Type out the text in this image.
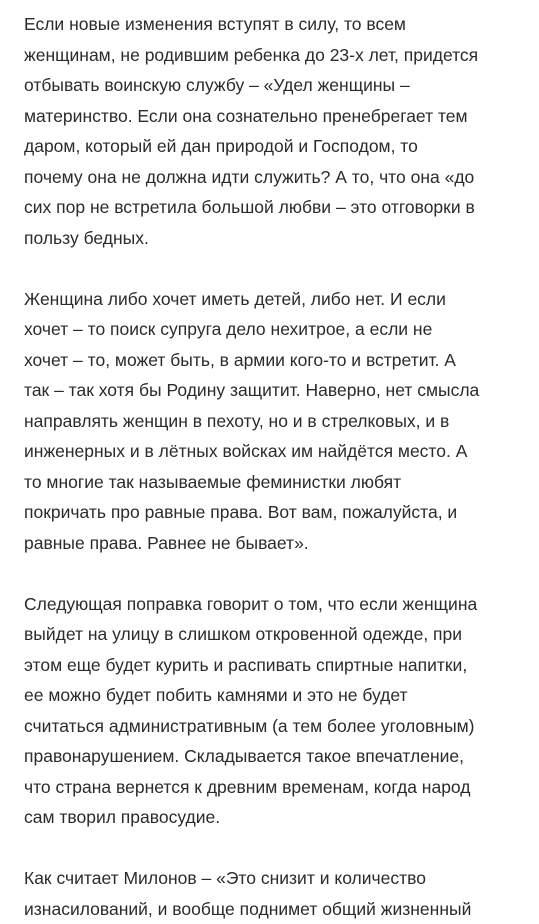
Если новые изменения вступят в силу, то всем
женщинам, не родившим ребенка до 23-х лет, придется
отбывать воинскую службу – «Удел женщины –
материнство. Если она сознательно пренебрегает тем
даром, который ей дан природой и Господом, то
почему она не должна идти служить? А то, что она «до
сих пор не встретила большой любви – это отговорки в
пользу бедных.
Женщина либо хочет иметь детей, либо нет. И если
хочет – то поиск супруга дело нехитрое, а если не
хочет – то, может быть, в армии кого-то и встретит. А
так – так хотя бы Родину защитит. Наверно, нет смысла
направлять женщин в пехоту, но и в стрелковых, и в
инженерных и в лётных войсках им найдётся место. А
то многие так называемые феминистки любят
покричать про равные права. Вот вам, пожалуйста, и
равные права. Равнее не бывает».
Следующая поправка говорит о том, что если женщина
выйдет на улицу в слишком откровенной одежде, при
этом еще будет курить и распивать спиртные напитки,
ее можно будет побить камнями и это не будет
считаться административным (а тем более уголовным)
правонарушением. Складывается такое впечатление,
что страна вернется к древним временам, когда народ
сам творил правосудие.
Как считает Милонов – «Это снизит и количество
изнасилований, и вообще поднимет общий жизненный
